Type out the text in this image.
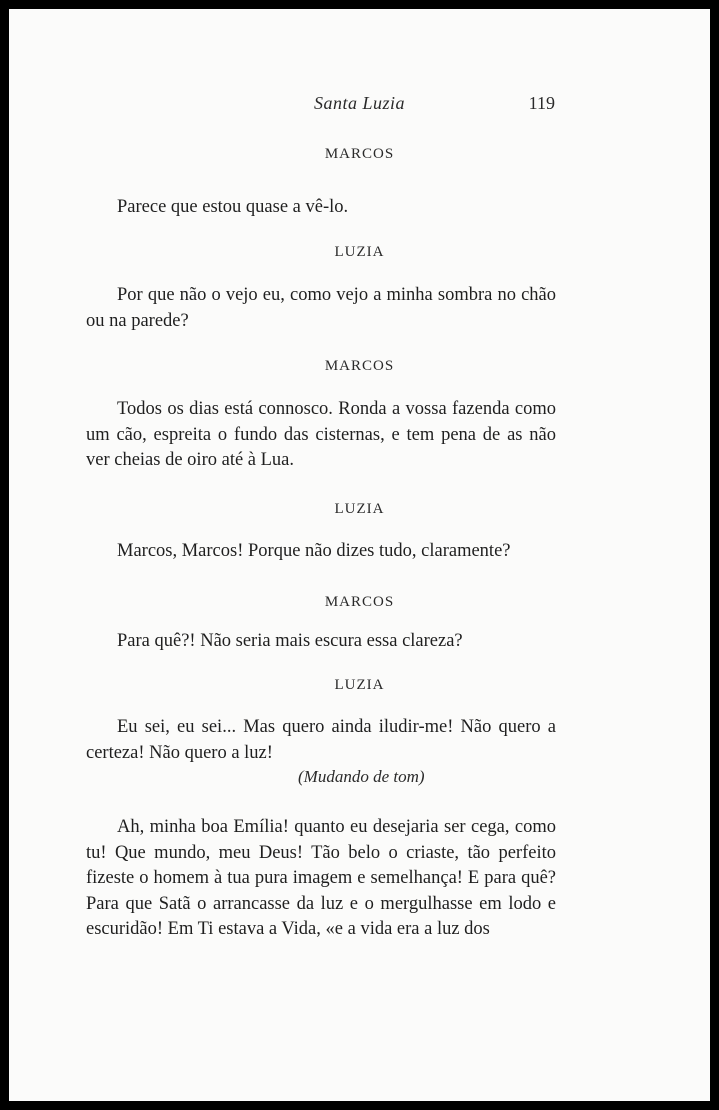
Santa Luzia	119
MARCOS
Parece que estou quase a vê-lo.
LUZIA
Por que não o vejo eu, como vejo a minha sombra no chão ou na parede?
MARCOS
Todos os dias está connosco. Ronda a vossa fazenda como um cão, espreita o fundo das cisternas, e tem pena de as não ver cheias de oiro até à Lua.
LUZIA
Marcos, Marcos! Porque não dizes tudo, claramente?
MARCOS
Para quê?! Não seria mais escura essa clareza?
LUZIA
Eu sei, eu sei... Mas quero ainda iludir-me! Não quero a certeza! Não quero a luz!
(Mudando de tom)
Ah, minha boa Emília! quanto eu desejaria ser cega, como tu! Que mundo, meu Deus! Tão belo o criaste, tão perfeito fizeste o homem à tua pura imagem e semelhança! E para quê? Para que Satã o arrancasse da luz e o mergulhasse em lodo e escuridão! Em Ti estava a Vida, «e a vida era a luz dos
